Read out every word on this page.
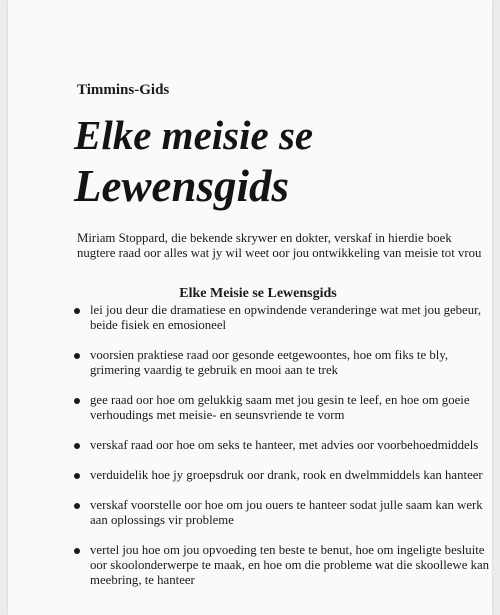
Timmins-Gids

Elke meisie se
Lewensgids

Miriam Stoppard, die bekende skrywer en dokter, verskaf in hierdie boek nugtere raad oor alles wat jy wil weet oor jou ontwikkeling van meisie tot vrou

Elke Meisie se Lewensgids
lei jou deur die dramatiese en opwindende veranderinge wat met jou gebeur, beide fisiek en emosioneel
voorsien praktiese raad oor gesonde eetgewoontes, hoe om fiks te bly, grimering vaardig te gebruik en mooi aan te trek
gee raad oor hoe om gelukkig saam met jou gesin te leef, en hoe om goeie verhoudings met meisie- en seunsvriende te vorm
verskaf raad oor hoe om seks te hanteer, met advies oor voorbehoedmiddels
verduidelik hoe jy groepsdruk oor drank, rook en dwelmmiddels kan hanteer
verskaf voorstelle oor hoe om jou ouers te hanteer sodat julle saam kan werk aan oplossings vir probleme
vertel jou hoe om jou opvoeding ten beste te benut, hoe om ingeligte besluite oor skoolonderwerpe te maak, en hoe om die probleme wat die skoollewe kan meebring, te hanteer
